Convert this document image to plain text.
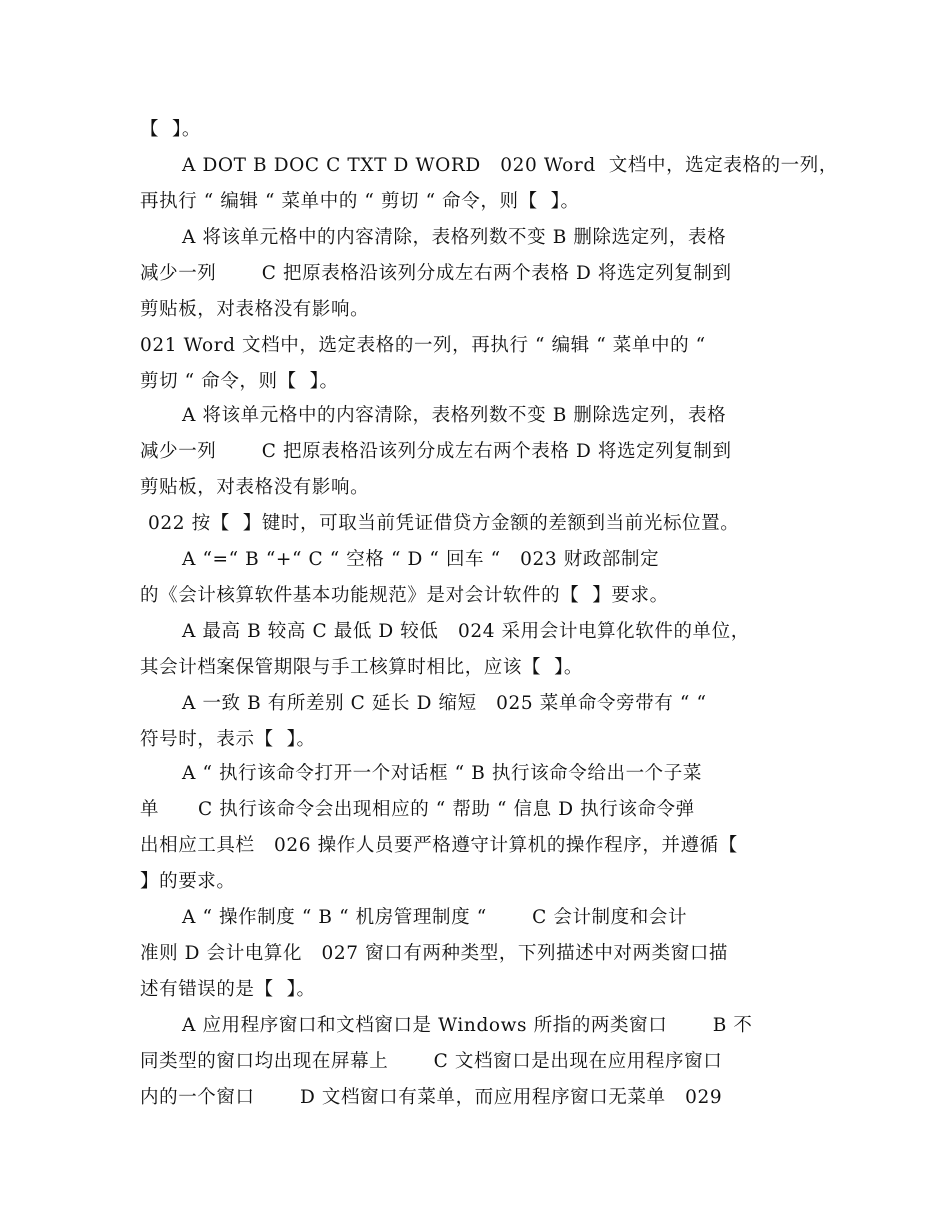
【  】。
A DOT B DOC C TXT D WORD   020 Word  文档中，选定表格的一列，
再执行 “ 编辑 “ 菜单中的 “ 剪切 “ 命令，则【  】。
A 将该单元格中的内容清除，表格列数不变 B 删除选定列，表格
减少一列       C 把原表格沿该列分成左右两个表格 D 将选定列复制到
剪贴板，对表格没有影响。
021 Word 文档中，选定表格的一列，再执行 “ 编辑 “ 菜单中的 “
剪切 “ 命令，则【  】。
A 将该单元格中的内容清除，表格列数不变 B 删除选定列，表格
减少一列       C 把原表格沿该列分成左右两个表格 D 将选定列复制到
剪贴板，对表格没有影响。
022 按【  】键时，可取当前凭证借贷方金额的差额到当前光标位置。
A “=“ B “+“ C “ 空格 “ D “ 回车 “   023 财政部制定
的《会计核算软件基本功能规范》是对会计软件的【  】要求。
A 最高 B 较高 C 最低 D 较低   024 采用会计电算化软件的单位，
其会计档案保管期限与手工核算时相比，应该【  】。
A 一致 B 有所差别 C 延长 D 缩短   025 菜单命令旁带有 “ “
符号时，表示【  】。
A “ 执行该命令打开一个对话框 “ B 执行该命令给出一个子菜
单      C 执行该命令会出现相应的 “ 帮助 “ 信息 D 执行该命令弹
出相应工具栏   026 操作人员要严格遵守计算机的操作程序，并遵循【
】的要求。
A “ 操作制度 “ B “ 机房管理制度 “       C 会计制度和会计
准则 D 会计电算化   027 窗口有两种类型，下列描述中对两类窗口描
述有错误的是【  】。
A 应用程序窗口和文档窗口是 Windows 所指的两类窗口       B 不
同类型的窗口均出现在屏幕上       C 文档窗口是出现在应用程序窗口
内的一个窗口       D 文档窗口有菜单，而应用程序窗口无菜单   029
